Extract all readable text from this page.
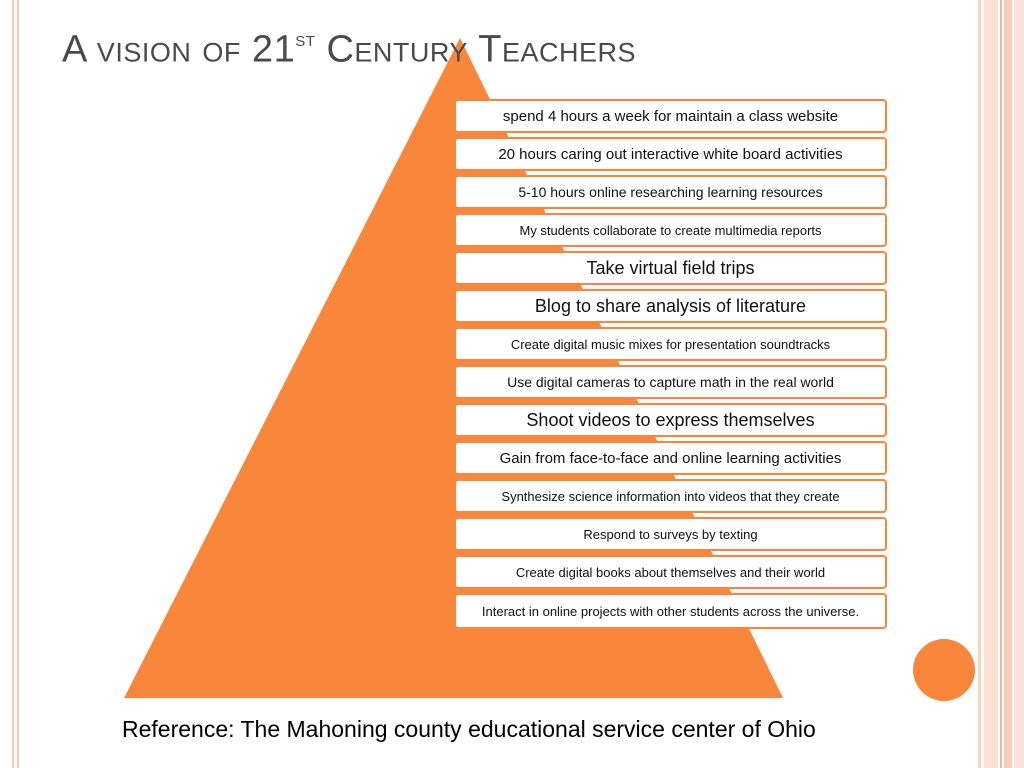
A vision of 21st Century Teachers
spend 4 hours a week for maintain a class website
20 hours caring out interactive white board activities
5-10 hours online researching learning resources
My students collaborate to create multimedia reports
Take virtual field trips
Blog to share analysis of literature
Create digital music mixes for presentation soundtracks
Use digital cameras to capture math in the real world
Shoot videos to express themselves
Gain from face-to-face and online learning activities
Synthesize science information into videos that they create
Respond to surveys by texting
Create digital books about themselves and their world
Interact in online projects with other students across the universe.
Reference: The Mahoning county educational service center of Ohio
